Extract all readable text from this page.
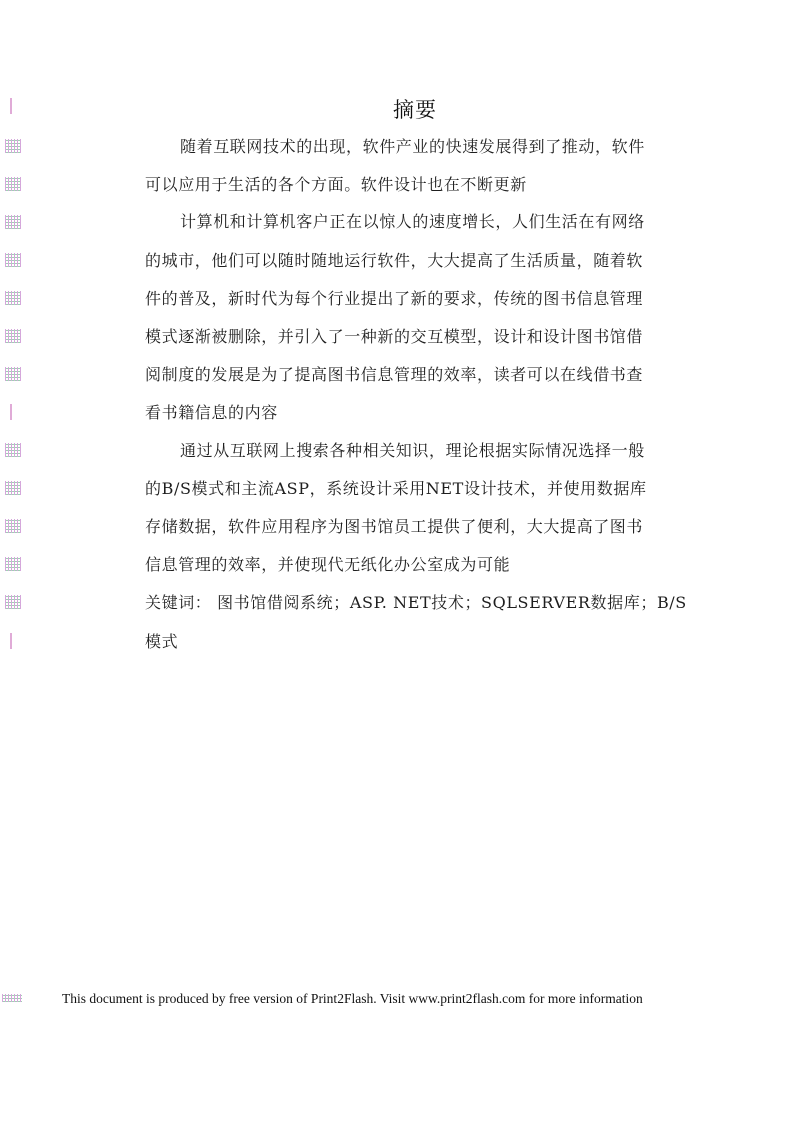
摘要
随着互联网技术的出现，软件产业的快速发展得到了推动，软件
可以应用于生活的各个方面。软件设计也在不断更新
计算机和计算机客户正在以惊人的速度增长，人们生活在有网络
的城市，他们可以随时随地运行软件，大大提高了生活质量，随着软
件的普及，新时代为每个行业提出了新的要求，传统的图书信息管理
模式逐渐被删除，并引入了一种新的交互模型，设计和设计图书馆借
阅制度的发展是为了提高图书信息管理的效率，读者可以在线借书查
看书籍信息的内容
通过从互联网上搜索各种相关知识，理论根据实际情况选择一般
的B/S模式和主流ASP，系统设计采用NET设计技术，并使用数据库
存储数据，软件应用程序为图书馆员工提供了便利，大大提高了图书
信息管理的效率，并使现代无纸化办公室成为可能
关键词： 图书馆借阅系统；ASP. NET技术；SQLSERVER数据库；B/S
模式
This document is produced by free version of Print2Flash. Visit www.print2flash.com for more information
